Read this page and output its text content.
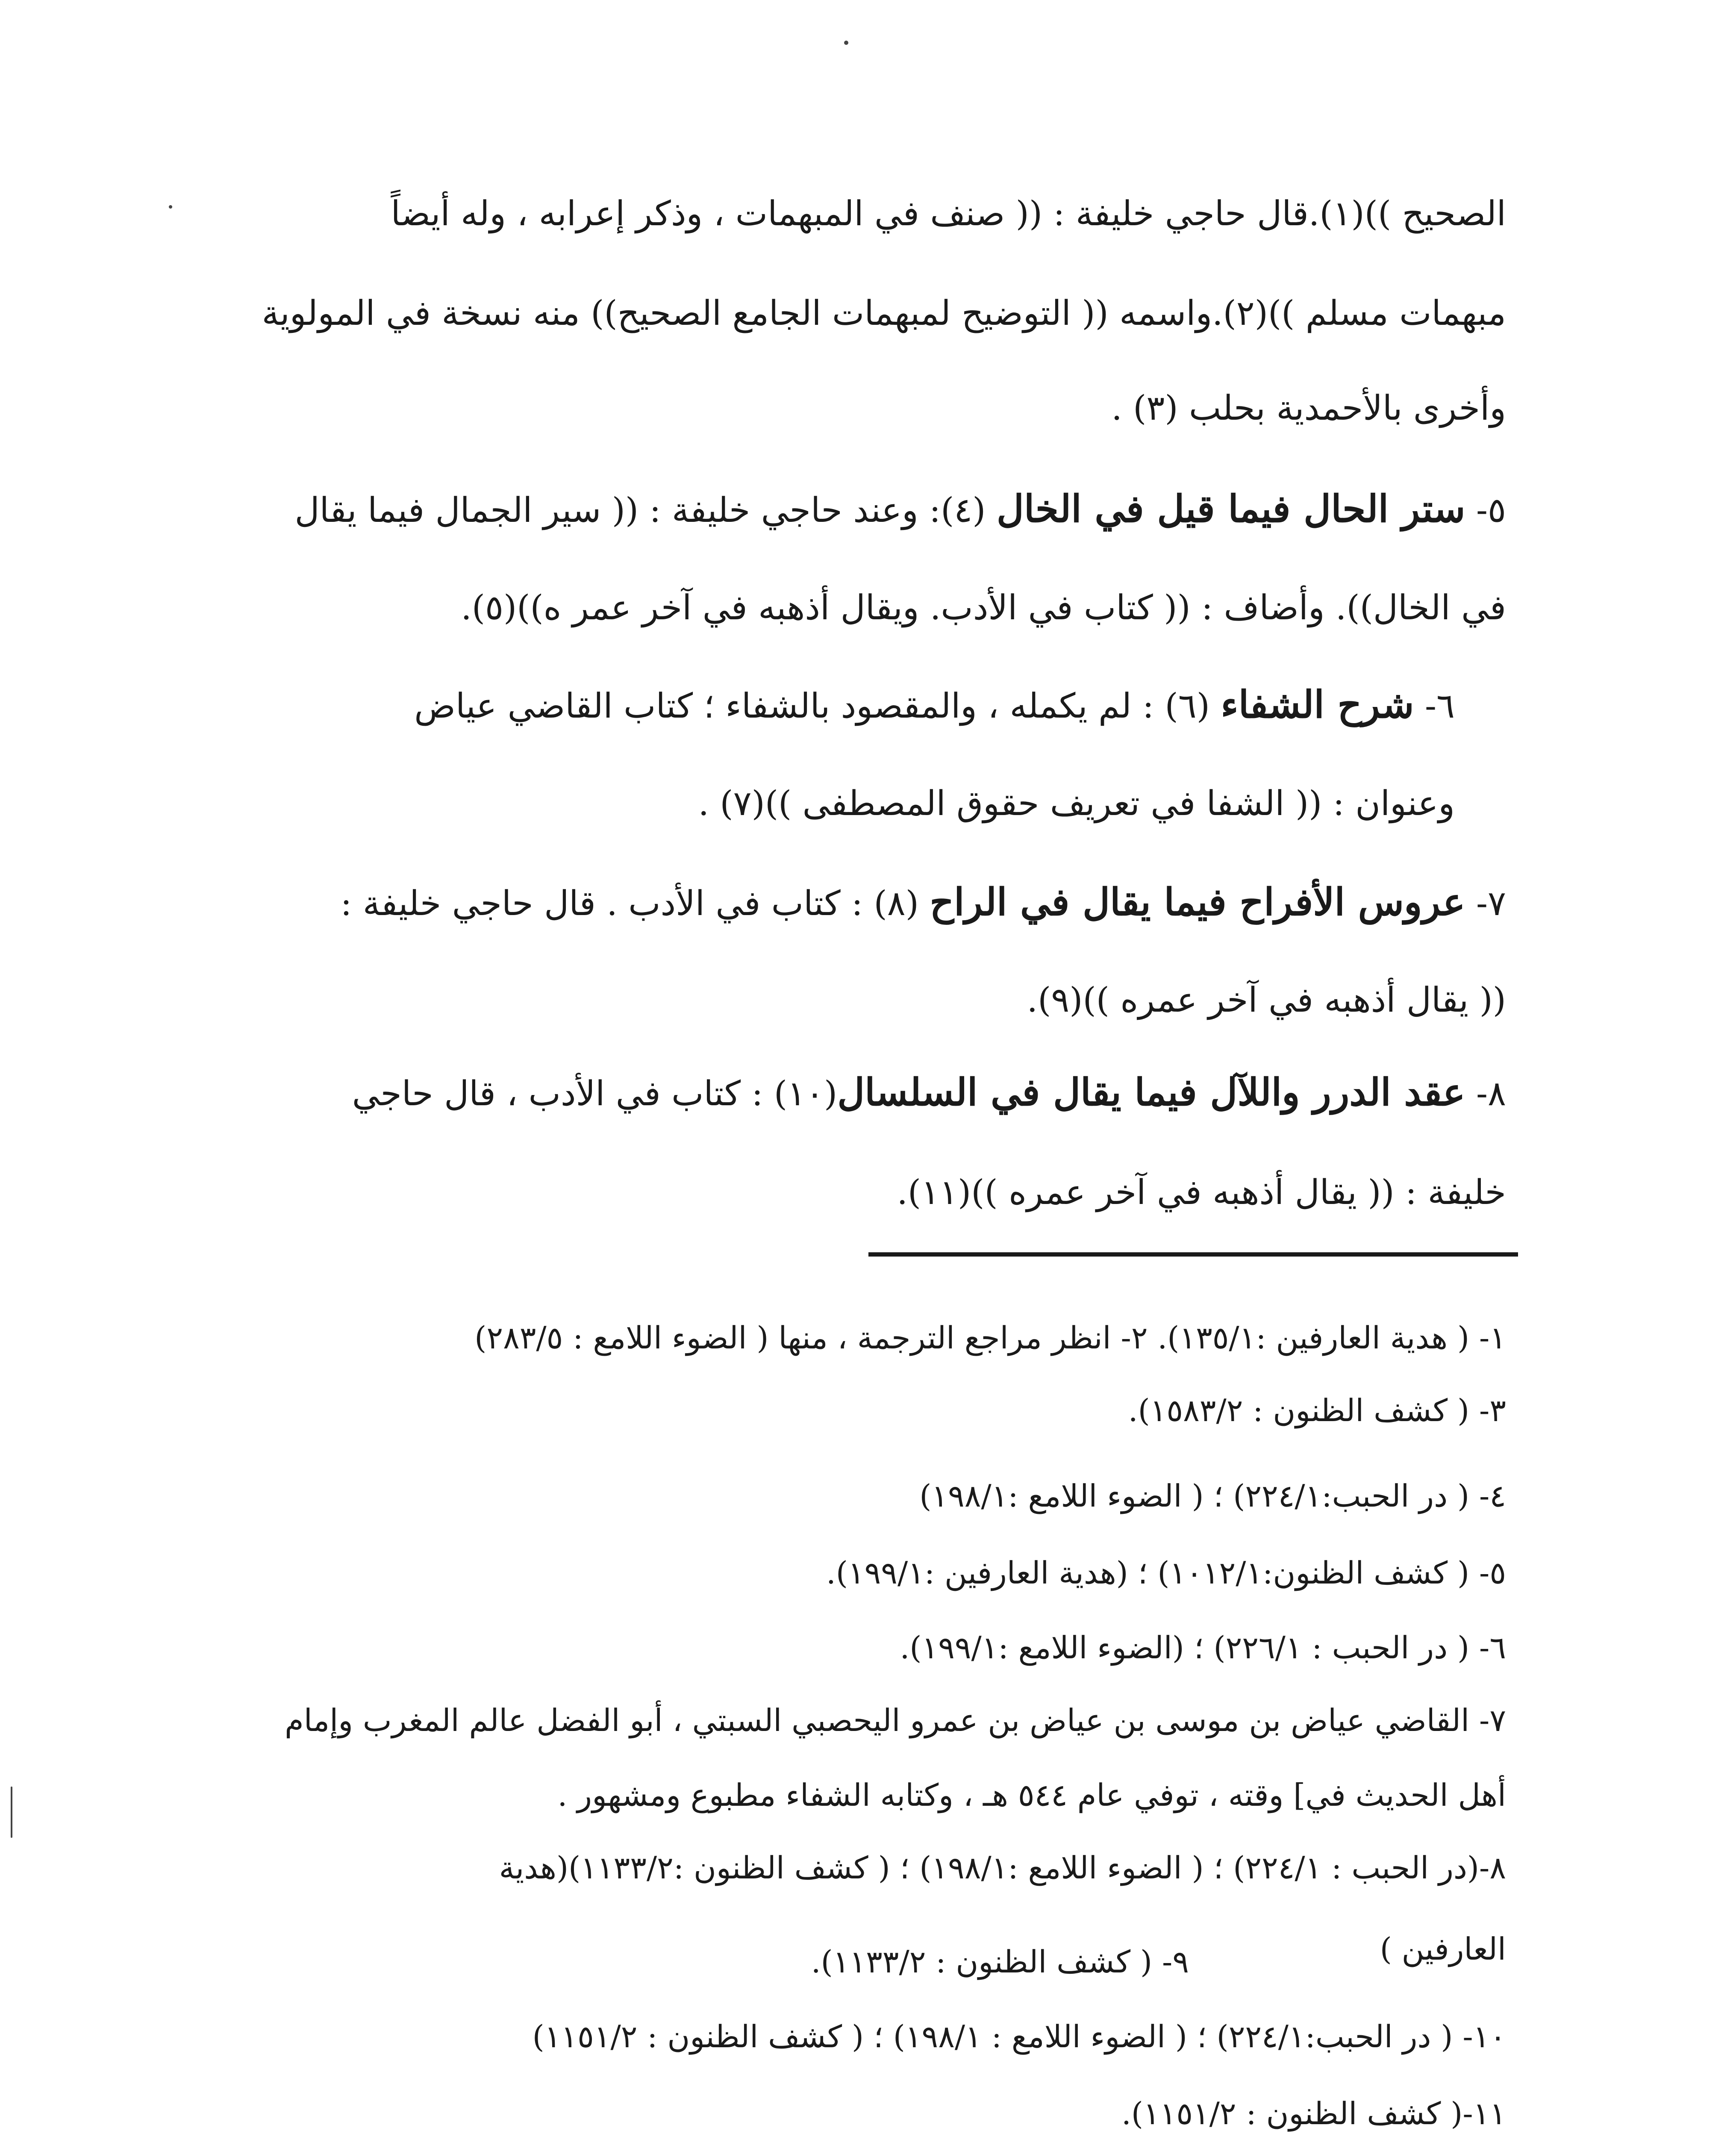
الصحيح ))(١).قال حاجي خليفة : (( صنف في المبهمات ، وذكر إعرابه ، وله أيضاً
مبهمات مسلم ))(٢).واسمه (( التوضيح لمبهمات الجامع الصحيح)) منه نسخة في المولوية
وأخرى بالأحمدية بحلب (٣) .
٥- ستر الحال فيما قيل في الخال (٤): وعند حاجي خليفة : (( سير الجمال فيما يقال
في الخال)). وأضاف : (( كتاب في الأدب. ويقال أذهبه في آخر عمر ه))(٥).
٦- شرح الشفاء (٦) : لم يكمله ، والمقصود بالشفاء ؛ كتاب القاضي عياض
وعنوان : (( الشفا في تعريف حقوق المصطفى ))(٧) .
٧- عروس الأفراح فيما يقال في الراح (٨) : كتاب في الأدب . قال حاجي خليفة :
(( يقال أذهبه في آخر عمره ))(٩).
٨- عقد الدرر واللآل فيما يقال في السلسال(١٠) : كتاب في الأدب ، قال حاجي
خليفة : (( يقال أذهبه في آخر عمره ))(١١).
١- ( هدية العارفين :١٣٥/١). ٢- انظر مراجع الترجمة ، منها ( الضوء اللامع : ٢٨٣/٥)
٣- ( كشف الظنون : ١٥٨٣/٢).
٤- ( در الحبب:٢٢٤/١) ؛ ( الضوء اللامع :١٩٨/١)
٥- ( كشف الظنون:١٠١٢/١) ؛ (هدية العارفين :١٩٩/١).
٦- ( در الحبب : ٢٢٦/١) ؛ (الضوء اللامع :١٩٩/١).
٧- القاضي عياض بن موسى بن عياض بن عمرو اليحصبي السبتي ، أبو الفضل عالم المغرب وإمام
أهل الحديث في] وقته ، توفي عام ٥٤٤ هـ ، وكتابه الشفاء مطبوع ومشهور .
٨-(در الحبب : ٢٢٤/١) ؛ ( الضوء اللامع :١٩٨/١) ؛ ( كشف الظنون :١١٣٣/٢)(هدية
العارفين )
٩- ( كشف الظنون : ١١٣٣/٢).
١٠- ( در الحبب:٢٢٤/١) ؛ ( الضوء اللامع : ١٩٨/١) ؛ ( كشف الظنون : ١١٥١/٢)
١١-( كشف الظنون : ١١٥١/٢).
